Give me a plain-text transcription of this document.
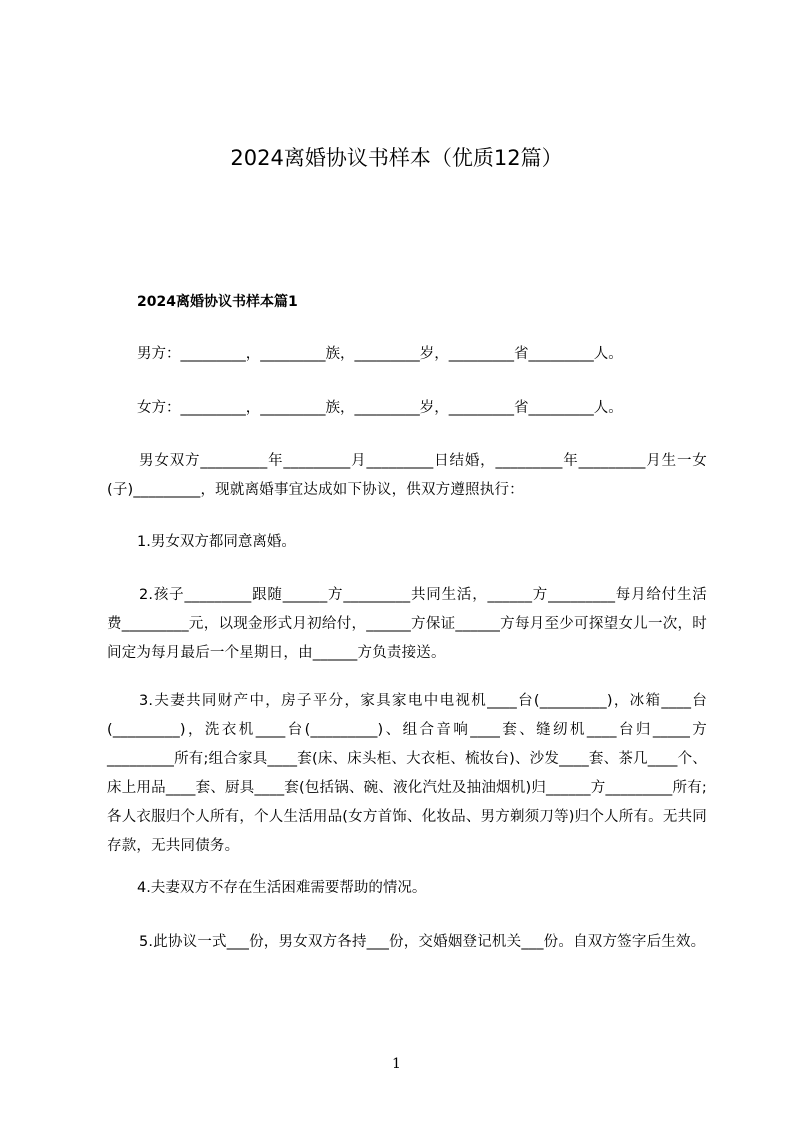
2024离婚协议书样本（优质12篇）
2024离婚协议书样本篇1
男方：_________，_________族，_________岁，_________省_________人。
女方：_________，_________族，_________岁，_________省_________人。
男女双方_________年_________月_________日结婚，_________年_________月生一女(子)_________，现就离婚事宜达成如下协议，供双方遵照执行：
1.男女双方都同意离婚。
2.孩子_________跟随______方_________共同生活，______方_________每月给付生活费_________元，以现金形式月初给付，______方保证______方每月至少可探望女儿一次，时间定为每月最后一个星期日，由______方负责接送。
3.夫妻共同财产中，房子平分，家具家电中电视机____台(_________)，冰箱____台(_________)，洗衣机____台(_________)、组合音响____套、缝纫机____台归_____方_________所有;组合家具____套(床、床头柜、大衣柜、梳妆台)、沙发____套、茶几____个、床上用品____套、厨具____套(包括锅、碗、液化汽灶及抽油烟机)归______方_________所有;各人衣服归个人所有，个人生活用品(女方首饰、化妆品、男方剃须刀等)归个人所有。无共同存款，无共同债务。
4.夫妻双方不存在生活困难需要帮助的情况。
5.此协议一式___份，男女双方各持___份，交婚姻登记机关___份。自双方签字后生效。
1
